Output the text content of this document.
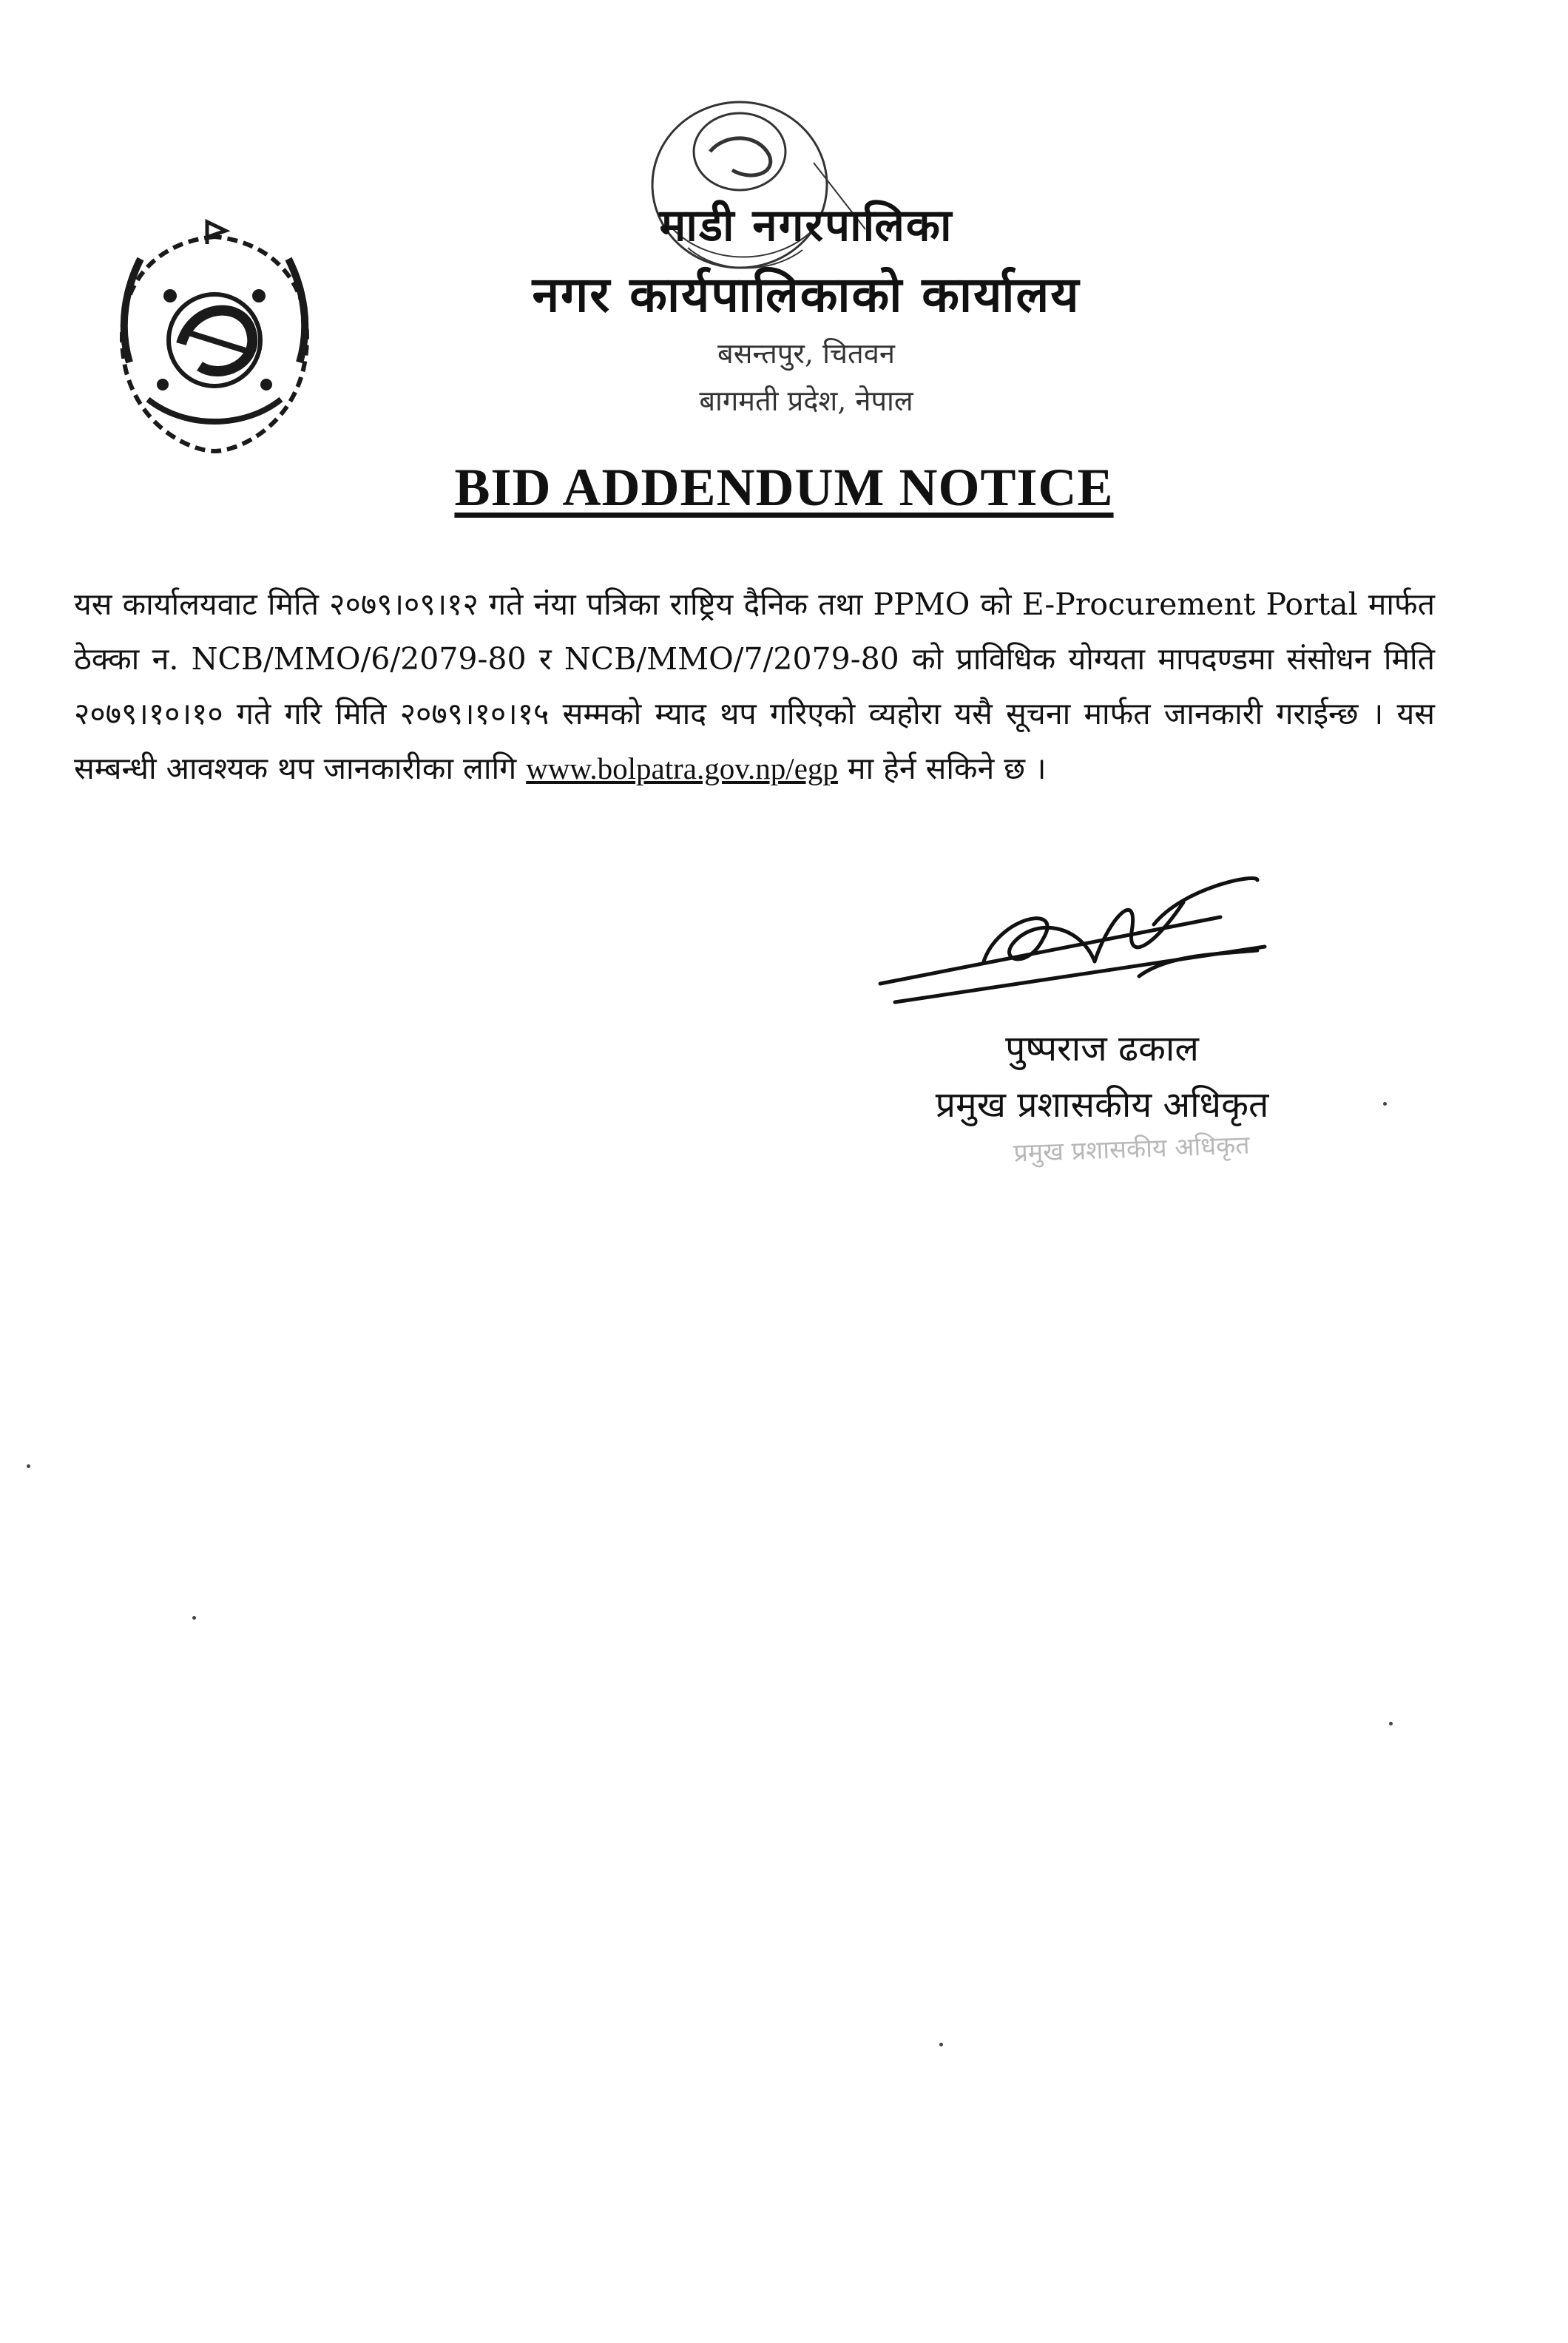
माडी नगरपालिका
नगर कार्यपालिकाको कार्यालय
बसन्तपुर, चितवन
बागमती प्रदेश, नेपाल
BID ADDENDUM NOTICE
यस कार्यालयवाट मिति २०७९।०९।१२ गते नंया पत्रिका राष्ट्रिय दैनिक तथा PPMO को E-Procurement Portal मार्फत ठेक्का न. NCB/MMO/6/2079-80 र NCB/MMO/7/2079-80 को प्राविधिक योग्यता मापदण्डमा संसोधन मिति २०७९।१०।१० गते गरि मिति २०७९।१०।१५ सम्मको म्याद थप गरिएको व्यहोरा यसै सूचना मार्फत जानकारी गराईन्छ । यस सम्बन्धी आवश्यक थप जानकारीका लागि www.bolpatra.gov.np/egp मा हेर्न सकिने छ ।
पुष्पराज ढकाल
प्रमुख प्रशासकीय अधिकृत
प्रमुख प्रशासकीय अधिकृत
